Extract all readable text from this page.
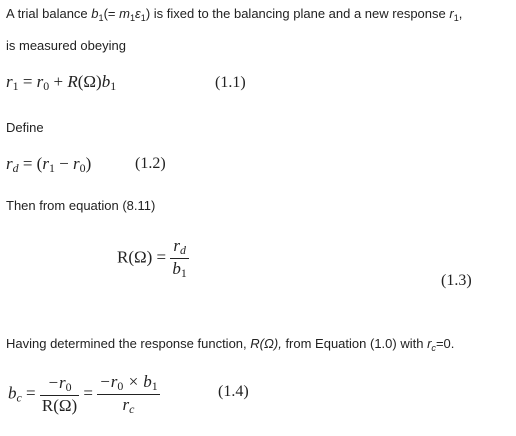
A trial balance $b_1(= m_1\varepsilon_1)$ is fixed to the balancing plane and a new response $r_1$,
is measured obeying
$r_1 = r_0 + R(\Omega)b_1$	(1.1)
Define
$r_d = (r_1 - r_0)$	(1.2)
Then from equation (8.11)
$R(\Omega) = \frac{r_d}{b_1}$	(1.3)
Having determined the response function, R(Ω), from Equation (1.0) with $r_c=0$.
$b_c = \frac{-r_0}{R(\Omega)} = \frac{-r_0 \times b_1}{r_c}$	(1.4)
